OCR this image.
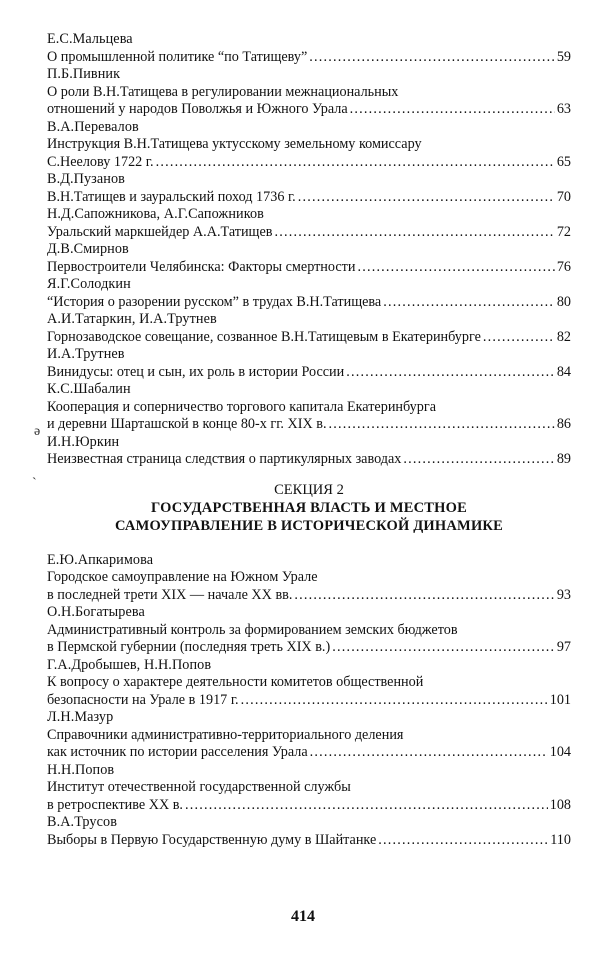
Е.С.Мальцева
О промышленной политике “по Татищеву” .....	59
П.Б.Пивник
О роли В.Н.Татищева в регулировании межнациональных
отношений у народов Поволжья и Южного Урала .....	63
В.А.Перевалов
Инструкция В.Н.Татищева уктусскому земельному комиссару
С.Неелову 1722 г. .....	65
В.Д.Пузанов
В.Н.Татищев и зауральский поход 1736 г. .....	70
Н.Д.Сапожникова, А.Г.Сапожников
Уральский маркшейдер А.А.Татищев .....	72
Д.В.Смирнов
Первостроители Челябинска: Факторы смертности .....	76
Я.Г.Солодкин
“История о разорении русском” в трудах В.Н.Татищева .....	80
А.И.Татаркин, И.А.Трутнев
Горнозаводское совещание, созванное В.Н.Татищевым в Екатеринбурге .....	82
И.А.Трутнев
Винидусы: отец и сын, их роль в истории России .....	84
К.С.Шабалин
Кооперация и соперничество торгового капитала Екатеринбурга
и деревни Шарташской в конце 80-х гг. XIX в. .....	86
И.Н.Юркин
Неизвестная страница следствия о партикулярных заводах .....	89
СЕКЦИЯ 2
ГОСУДАРСТВЕННАЯ ВЛАСТЬ И МЕСТНОЕ
САМОУПРАВЛЕНИЕ В ИСТОРИЧЕСКОЙ ДИНАМИКЕ
Е.Ю.Апкаримова
Городское самоуправление на Южном Урале
в последней трети XIX — начале XX вв. .....	93
О.Н.Богатырева
Административный контроль за формированием земских бюджетов
в Пермской губернии (последняя треть XIX в.) .....	97
Г.А.Дробышев, Н.Н.Попов
К вопросу о характере деятельности комитетов общественной
безопасности на Урале в 1917 г. .....	101
Л.Н.Мазур
Справочники административно-территориального деления
как источник по истории расселения Урала .....	104
Н.Н.Попов
Институт отечественной государственной службы
в ретроспективе XX в. .....	108
В.А.Трусов
Выборы в Первую Государственную думу в Шайтанке .....	110
ə
ˋ
414
